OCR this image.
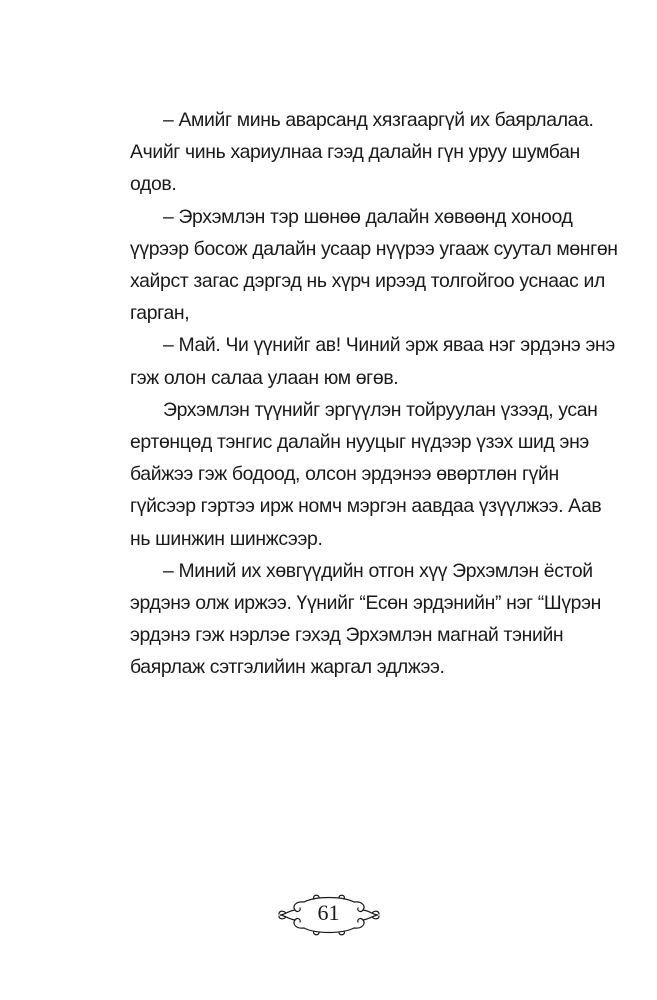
– Амийг минь аварсанд хязгааргүй их баярлалаа.
Ачийг чинь хариулнаа гээд далайн гүн уруу шумбан
одов.
– Эрхэмлэн тэр шөнөө далайн хөвөөнд хоноод
үүрээр босож далайн усаар нүүрээ угааж суутал мөнгөн
хайрст загас дэргэд нь хүрч ирээд толгойгоо уснаас ил
гарган,
– Май. Чи үүнийг ав! Чиний эрж яваа нэг эрдэнэ энэ
гэж олон салаа улаан юм өгөв.
Эрхэмлэн түүнийг эргүүлэн тойруулан үзээд, усан
ертөнцөд тэнгис далайн нууцыг нүдээр үзэх шид энэ
байжээ гэж бодоод, олсон эрдэнээ өвөртлөн гүйн
гүйсээр гэртээ ирж номч мэргэн аавдаа үзүүлжээ. Аав
нь шинжин шинжсээр.
– Миний их хөвгүүдийн отгон хүү Эрхэмлэн ёстой
эрдэнэ олж иржээ. Үүнийг “Есөн эрдэнийн” нэг “Шүрэн
эрдэнэ гэж нэрлэе гэхэд Эрхэмлэн магнай тэнийн
баярлаж сэтгэлийин жаргал эдлжээ.
61
